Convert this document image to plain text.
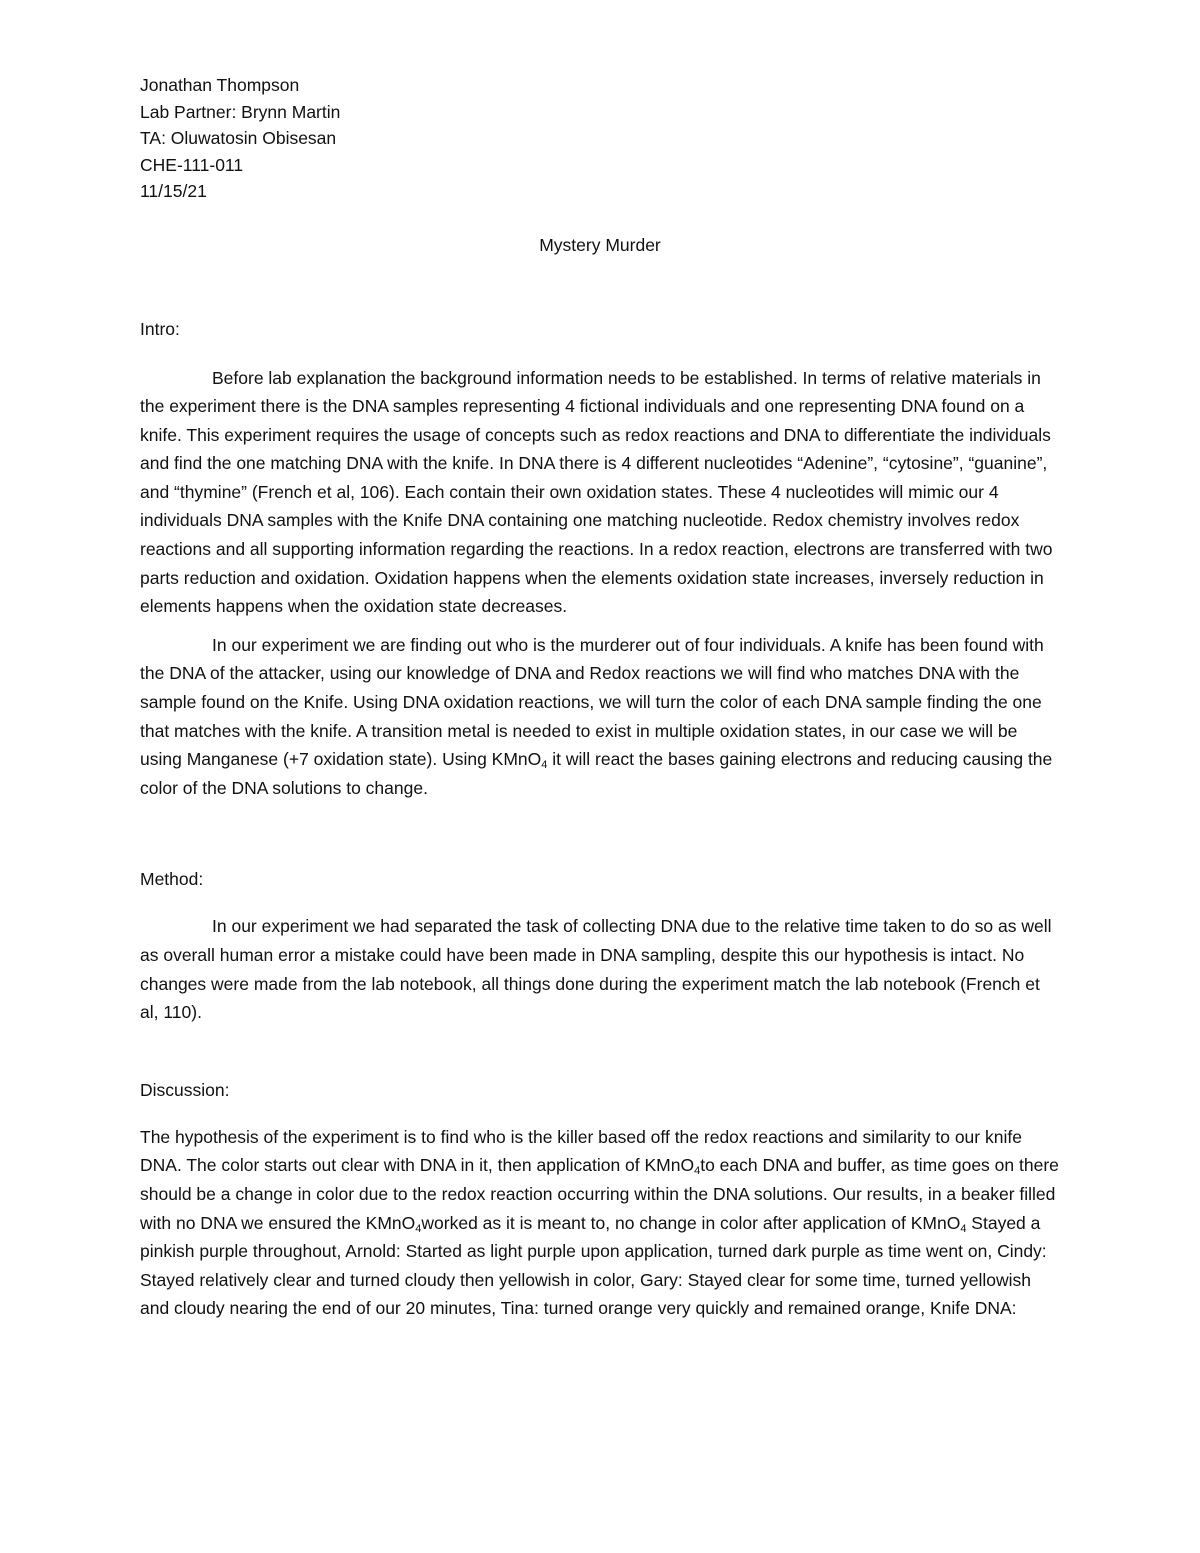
Jonathan Thompson
Lab Partner: Brynn Martin
TA: Oluwatosin Obisesan
CHE-111-011
11/15/21
Mystery Murder
Intro:

Before lab explanation the background information needs to be established. In terms of relative materials in the experiment there is the DNA samples representing 4 fictional individuals and one representing DNA found on a knife. This experiment requires the usage of concepts such as redox reactions and DNA to differentiate the individuals and find the one matching DNA with the knife. In DNA there is 4 different nucleotides “Adenine”, “cytosine”, “guanine”, and “thymine” (French et al, 106). Each contain their own oxidation states. These 4 nucleotides will mimic our 4 individuals DNA samples with the Knife DNA containing one matching nucleotide. Redox chemistry involves redox reactions and all supporting information regarding the reactions. In a redox reaction, electrons are transferred with two parts reduction and oxidation. Oxidation happens when the elements oxidation state increases, inversely reduction in elements happens when the oxidation state decreases.

In our experiment we are finding out who is the murderer out of four individuals. A knife has been found with the DNA of the attacker, using our knowledge of DNA and Redox reactions we will find who matches DNA with the sample found on the Knife. Using DNA oxidation reactions, we will turn the color of each DNA sample finding the one that matches with the knife. A transition metal is needed to exist in multiple oxidation states, in our case we will be using Manganese (+7 oxidation state). Using KMnO$_4$ it will react the bases gaining electrons and reducing causing the color of the DNA solutions to change.

Method:

In our experiment we had separated the task of collecting DNA due to the relative time taken to do so as well as overall human error a mistake could have been made in DNA sampling, despite this our hypothesis is intact. No changes were made from the lab notebook, all things done during the experiment match the lab notebook (French et al, 110).

Discussion:

The hypothesis of the experiment is to find who is the killer based off the redox reactions and similarity to our knife DNA. The color starts out clear with DNA in it, then application of KMnO$_4$to each DNA and buffer, as time goes on there should be a change in color due to the redox reaction occurring within the DNA solutions. Our results, in a beaker filled with no DNA we ensured the KMnO$_4$worked as it is meant to, no change in color after application of KMnO$_4$ Stayed a pinkish purple throughout, Arnold: Started as light purple upon application, turned dark purple as time went on, Cindy: Stayed relatively clear and turned cloudy then yellowish in color, Gary: Stayed clear for some time, turned yellowish and cloudy nearing the end of our 20 minutes, Tina: turned orange very quickly and remained orange, Knife DNA:
